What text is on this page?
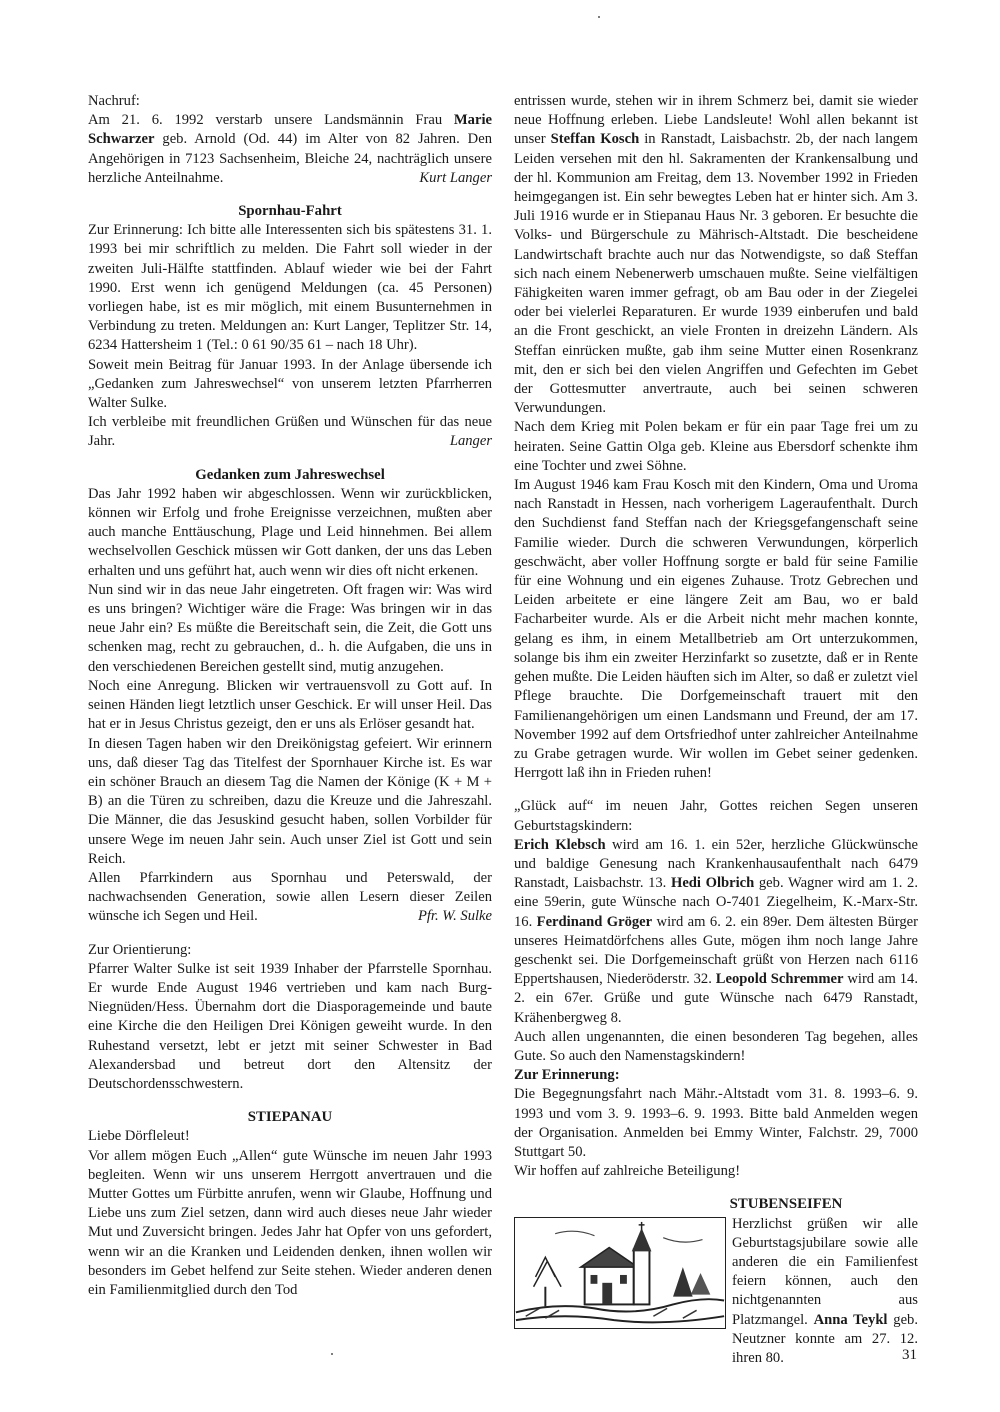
Nachruf:

Am 21. 6. 1992 verstarb unsere Landsmännin Frau Marie Schwarzer geb. Arnold (Od. 44) im Alter von 82 Jahren. Den Angehörigen in 7123 Sachsenheim, Bleiche 24, nachträglich unsere herzliche Anteilnahme.	Kurt Langer

Spornhau-Fahrt

Zur Erinnerung: Ich bitte alle Interessenten sich bis spätestens 31. 1. 1993 bei mir schriftlich zu melden. Die Fahrt soll wieder in der zweiten Juli-Hälfte stattfinden. Ablauf wieder wie bei der Fahrt 1990. Erst wenn ich genügend Meldungen (ca. 45 Personen) vorliegen habe, ist es mir möglich, mit einem Busunternehmen in Verbindung zu treten. Meldungen an: Kurt Langer, Teplitzer Str. 14, 6234 Hattersheim 1 (Tel.: 0 61 90/35 61 – nach 18 Uhr).

Soweit mein Beitrag für Januar 1993. In der Anlage übersende ich „Gedanken zum Jahreswechsel“ von unserem letzten Pfarrherren Walter Sulke.

Ich verbleibe mit freundlichen Grüßen und Wünschen für das neue Jahr.	Langer

Gedanken zum Jahreswechsel

Das Jahr 1992 haben wir abgeschlossen. Wenn wir zurückblicken, können wir Erfolg und frohe Ereignisse verzeichnen, mußten aber auch manche Enttäuschung, Plage und Leid hinnehmen. Bei allem wechselvollen Geschick müssen wir Gott danken, der uns das Leben erhalten und uns geführt hat, auch wenn wir dies oft nicht erkenen.

Nun sind wir in das neue Jahr eingetreten. Oft fragen wir: Was wird es uns bringen? Wichtiger wäre die Frage: Was bringen wir in das neue Jahr ein? Es müßte die Bereitschaft sein, die Zeit, die Gott uns schenken mag, recht zu gebrauchen, d.. h. die Aufgaben, die uns in den verschiedenen Bereichen gestellt sind, mutig anzugehen.

Noch eine Anregung. Blicken wir vertrauensvoll zu Gott auf. In seinen Händen liegt letztlich unser Geschick. Er will unser Heil. Das hat er in Jesus Christus gezeigt, den er uns als Erlöser gesandt hat.

In diesen Tagen haben wir den Dreikönigstag gefeiert. Wir erinnern uns, daß dieser Tag das Titelfest der Spornhauer Kirche ist. Es war ein schöner Brauch an diesem Tag die Namen der Könige (K + M + B) an die Türen zu schreiben, dazu die Kreuze und die Jahreszahl. Die Männer, die das Jesuskind gesucht haben, sollen Vorbilder für unsere Wege im neuen Jahr sein. Auch unser Ziel ist Gott und sein Reich.

Allen Pfarrkindern aus Spornhau und Peterswald, der nachwachsenden Generation, sowie allen Lesern dieser Zeilen wünsche ich Segen und Heil.	Pfr. W. Sulke

Zur Orientierung:

Pfarrer Walter Sulke ist seit 1939 Inhaber der Pfarrstelle Spornhau. Er wurde Ende August 1946 vertrieben und kam nach Burg-Niegnüden/Hess. Übernahm dort die Diasporagemeinde und baute eine Kirche die den Heiligen Drei Königen geweiht wurde. In den Ruhestand versetzt, lebt er jetzt mit seiner Schwester in Bad Alexandersbad und betreut dort den Altensitz der Deutschordensschwestern.

STIEPANAU

Liebe Dörfleleut!

Vor allem mögen Euch „Allen“ gute Wünsche im neuen Jahr 1993 begleiten. Wenn wir uns unserem Herrgott anvertrauen und die Mutter Gottes um Fürbitte anrufen, wenn wir Glaube, Hoffnung und Liebe uns zum Ziel setzen, dann wird auch dieses neue Jahr wieder Mut und Zuversicht bringen. Jedes Jahr hat Opfer von uns gefordert, wenn wir an die Kranken und Leidenden denken, ihnen wollen wir besonders im Gebet helfend zur Seite stehen. Wieder anderen denen ein Familienmitglied durch den Tod

entrissen wurde, stehen wir in ihrem Schmerz bei, damit sie wieder neue Hoffnung erleben. Liebe Landsleute! Wohl allen bekannt ist unser Steffan Kosch in Ranstadt, Laisbachstr. 2b, der nach langem Leiden versehen mit den hl. Sakramenten der Krankensalbung und der hl. Kommunion am Freitag, dem 13. November 1992 in Frieden heimgegangen ist. Ein sehr bewegtes Leben hat er hinter sich. Am 3. Juli 1916 wurde er in Stiepanau Haus Nr. 3 geboren. Er besuchte die Volks- und Bürgerschule zu Mährisch-Altstadt. Die bescheidene Landwirtschaft brachte auch nur das Notwendigste, so daß Steffan sich nach einem Nebenerwerb umschauen mußte. Seine vielfältigen Fähigkeiten waren immer gefragt, ob am Bau oder in der Ziegelei oder bei vielerlei Reparaturen. Er wurde 1939 einberufen und bald an die Front geschickt, an viele Fronten in dreizehn Ländern. Als Steffan einrücken mußte, gab ihm seine Mutter einen Rosenkranz mit, den er sich bei den vielen Angriffen und Gefechten im Gebet der Gottesmutter anvertraute, auch bei seinen schweren Verwundungen.

Nach dem Krieg mit Polen bekam er für ein paar Tage frei um zu heiraten. Seine Gattin Olga geb. Kleine aus Ebersdorf schenkte ihm eine Tochter und zwei Söhne.

Im August 1946 kam Frau Kosch mit den Kindern, Oma und Uroma nach Ranstadt in Hessen, nach vorherigem Lageraufenthalt. Durch den Suchdienst fand Steffan nach der Kriegsgefangenschaft seine Familie wieder. Durch die schweren Verwundungen, körperlich geschwächt, aber voller Hoffnung sorgte er bald für seine Familie für eine Wohnung und ein eigenes Zuhause. Trotz Gebrechen und Leiden arbeitete er eine längere Zeit am Bau, wo er bald Facharbeiter wurde. Als er die Arbeit nicht mehr machen konnte, gelang es ihm, in einem Metallbetrieb am Ort unterzukommen, solange bis ihm ein zweiter Herzinfarkt so zusetzte, daß er in Rente gehen mußte. Die Leiden häuften sich im Alter, so daß er zuletzt viel Pflege brauchte. Die Dorfgemeinschaft trauert mit den Familienangehörigen um einen Landsmann und Freund, der am 17. November 1992 auf dem Ortsfriedhof unter zahlreicher Anteilnahme zu Grabe getragen wurde. Wir wollen im Gebet seiner gedenken. Herrgott laß ihn in Frieden ruhen!

„Glück auf“ im neuen Jahr, Gottes reichen Segen unseren Geburtstagskindern:

Erich Klebsch wird am 16. 1. ein 52er, herzliche Glückwünsche und baldige Genesung nach Krankenhausaufenthalt nach 6479 Ranstadt, Laisbachstr. 13. Hedi Olbrich geb. Wagner wird am 1. 2. eine 59erin, gute Wünsche nach O-7401 Ziegelheim, K.-Marx-Str. 16. Ferdinand Gröger wird am 6. 2. ein 89er. Dem ältesten Bürger unseres Heimatdörfchens alles Gute, mögen ihm noch lange Jahre geschenkt sei. Die Dorfgemeinschaft grüßt von Herzen nach 6116 Eppertshausen, Niederöderstr. 32. Leopold Schremmer wird am 14. 2. ein 67er. Grüße und gute Wünsche nach 6479 Ranstadt, Krähenbergweg 8.

Auch allen ungenannten, die einen besonderen Tag begehen, alles Gute. So auch den Namenstagskindern!

Zur Erinnerung:

Die Begegnungsfahrt nach Mähr.-Altstadt vom 31. 8. 1993–6. 9. 1993 und vom 3. 9. 1993–6. 9. 1993. Bitte bald Anmelden wegen der Organisation. Anmelden bei Emmy Winter, Falchstr. 29, 7000 Stuttgart 50.

Wir hoffen auf zahlreiche Beteiligung!

STUBENSEIFEN

Herzlichst grüßen wir alle Geburtstagsjubilare sowie alle anderen die ein Familienfest feiern können, auch den nichtgenannten aus Platzmangel. Anna Teykl geb. Neutzner konnte am 27. 12. ihren 80.	31
